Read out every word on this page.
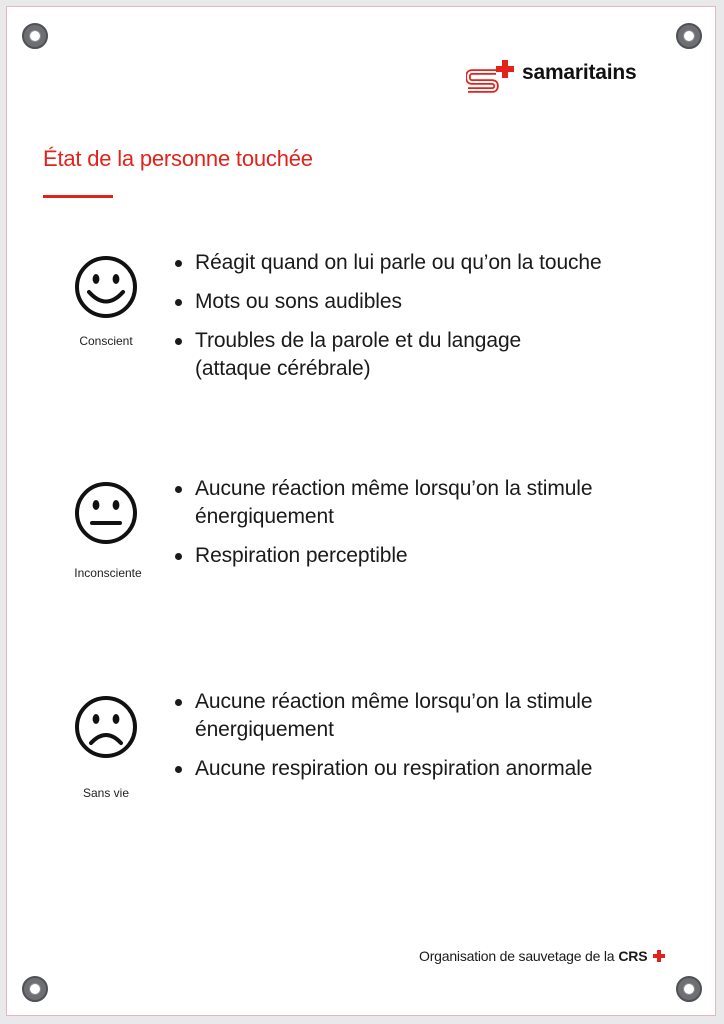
samaritains
État de la personne touchée
Conscient
Réagit quand on lui parle ou qu’on la touche
Mots ou sons audibles
Troubles de la parole et du langage (attaque cérébrale)
Inconsciente
Aucune réaction même lorsqu’on la stimule énergiquement
Respiration perceptible
Sans vie
Aucune réaction même lorsqu’on la stimule énergiquement
Aucune respiration ou respiration anormale
Organisation de sauvetage de la CRS
